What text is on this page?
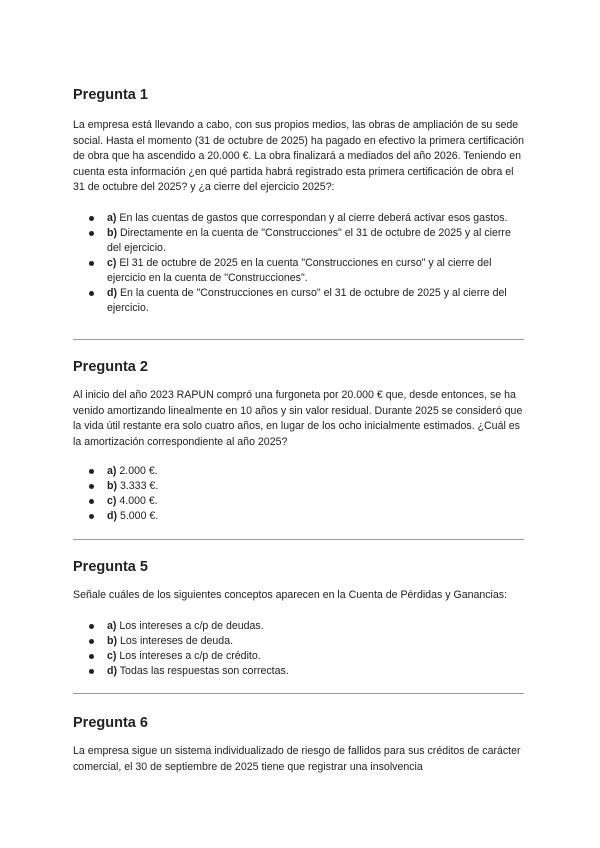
Pregunta 1

La empresa está llevando a cabo, con sus propios medios, las obras de ampliación de su sede social. Hasta el momento (31 de octubre de 2025) ha pagado en efectivo la primera certificación de obra que ha ascendido a 20.000 €. La obra finalizará a mediados del año 2026. Teniendo en cuenta esta información ¿en qué partida habrá registrado esta primera certificación de obra el 31 de octubre del 2025? y ¿a cierre del ejercicio 2025?:

a) En las cuentas de gastos que correspondan y al cierre deberá activar esos gastos.
b) Directamente en la cuenta de "Construcciones" el 31 de octubre de 2025 y al cierre del ejercicio.
c) El 31 de octubre de 2025 en la cuenta "Construcciones en curso" y al cierre del ejercicio en la cuenta de "Construcciones".
d) En la cuenta de "Construcciones en curso" el 31 de octubre de 2025 y al cierre del ejercicio.
Pregunta 2

Al inicio del año 2023 RAPUN compró una furgoneta por 20.000 € que, desde entonces, se ha venido amortizando linealmente en 10 años y sin valor residual. Durante 2025 se consideró que la vida útil restante era solo cuatro años, en lugar de los ocho inicialmente estimados. ¿Cuál es la amortización correspondiente al año 2025?

a) 2.000 €.
b) 3.333 €.
c) 4.000 €.
d) 5.000 €.
Pregunta 5

Señale cuáles de los siguientes conceptos aparecen en la Cuenta de Pérdidas y Ganancias:

a) Los intereses a c/p de deudas.
b) Los intereses de deuda.
c) Los intereses a c/p de crédito.
d) Todas las respuestas son correctas.
Pregunta 6

La empresa sigue un sistema individualizado de riesgo de fallidos para sus créditos de carácter comercial, el 30 de septiembre de 2025 tiene que registrar una insolvencia
